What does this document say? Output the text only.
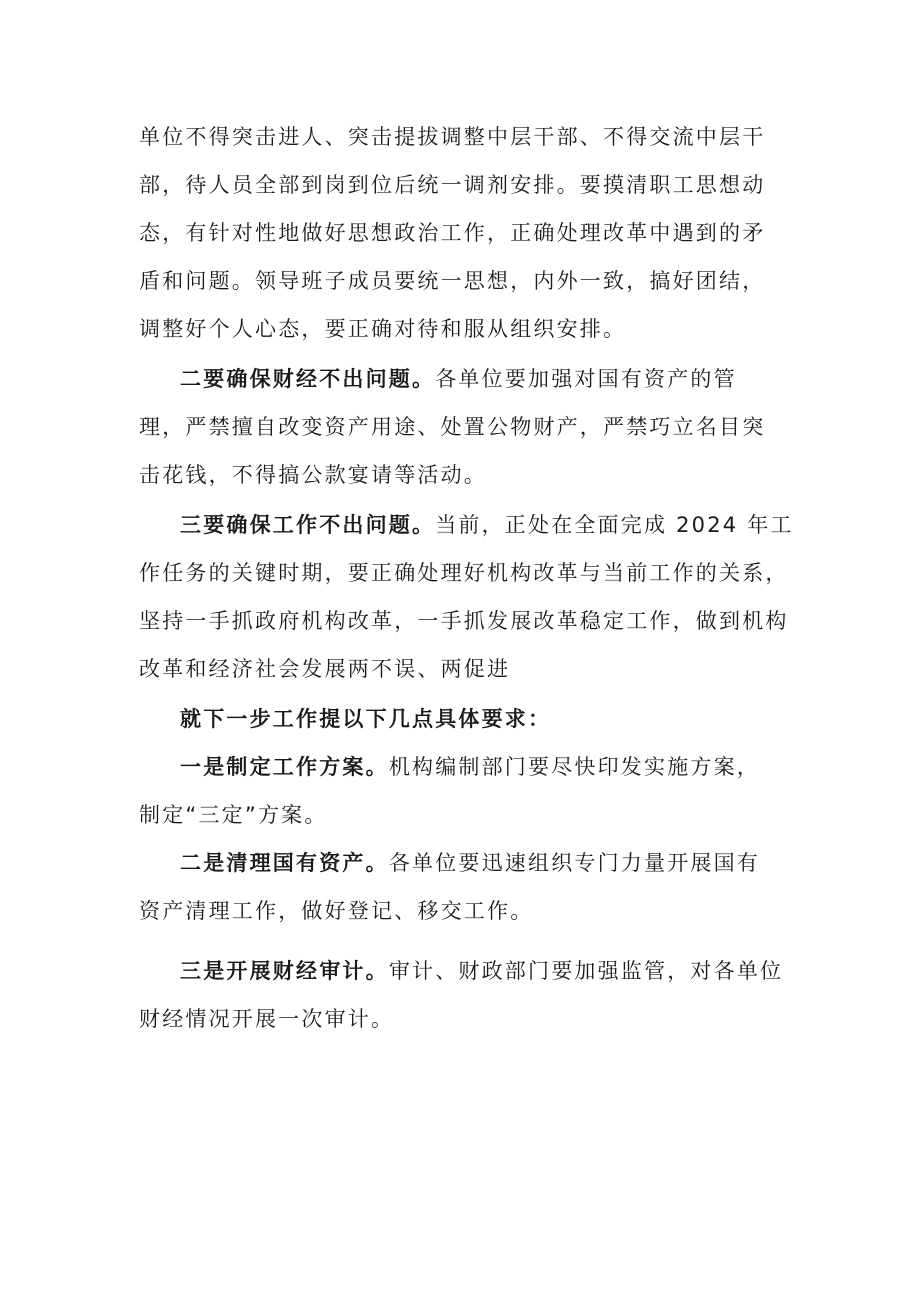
单位不得突击进人、突击提拔调整中层干部、不得交流中层干
部，待人员全部到岗到位后统一调剂安排。要摸清职工思想动
态，有针对性地做好思想政治工作，正确处理改革中遇到的矛
盾和问题。领导班子成员要统一思想，内外一致，搞好团结，
调整好个人心态，要正确对待和服从组织安排。
二要确保财经不出问题。各单位要加强对国有资产的管
理，严禁擅自改变资产用途、处置公物财产，严禁巧立名目突
击花钱，不得搞公款宴请等活动。
三要确保工作不出问题。当前，正处在全面完成 2024 年工
作任务的关键时期，要正确处理好机构改革与当前工作的关系，
坚持一手抓政府机构改革，一手抓发展改革稳定工作，做到机构
改革和经济社会发展两不误、两促进
就下一步工作提以下几点具体要求：
一是制定工作方案。机构编制部门要尽快印发实施方案，
制定“三定”方案。
二是清理国有资产。各单位要迅速组织专门力量开展国有
资产清理工作，做好登记、移交工作。
三是开展财经审计。审计、财政部门要加强监管，对各单位
财经情况开展一次审计。
